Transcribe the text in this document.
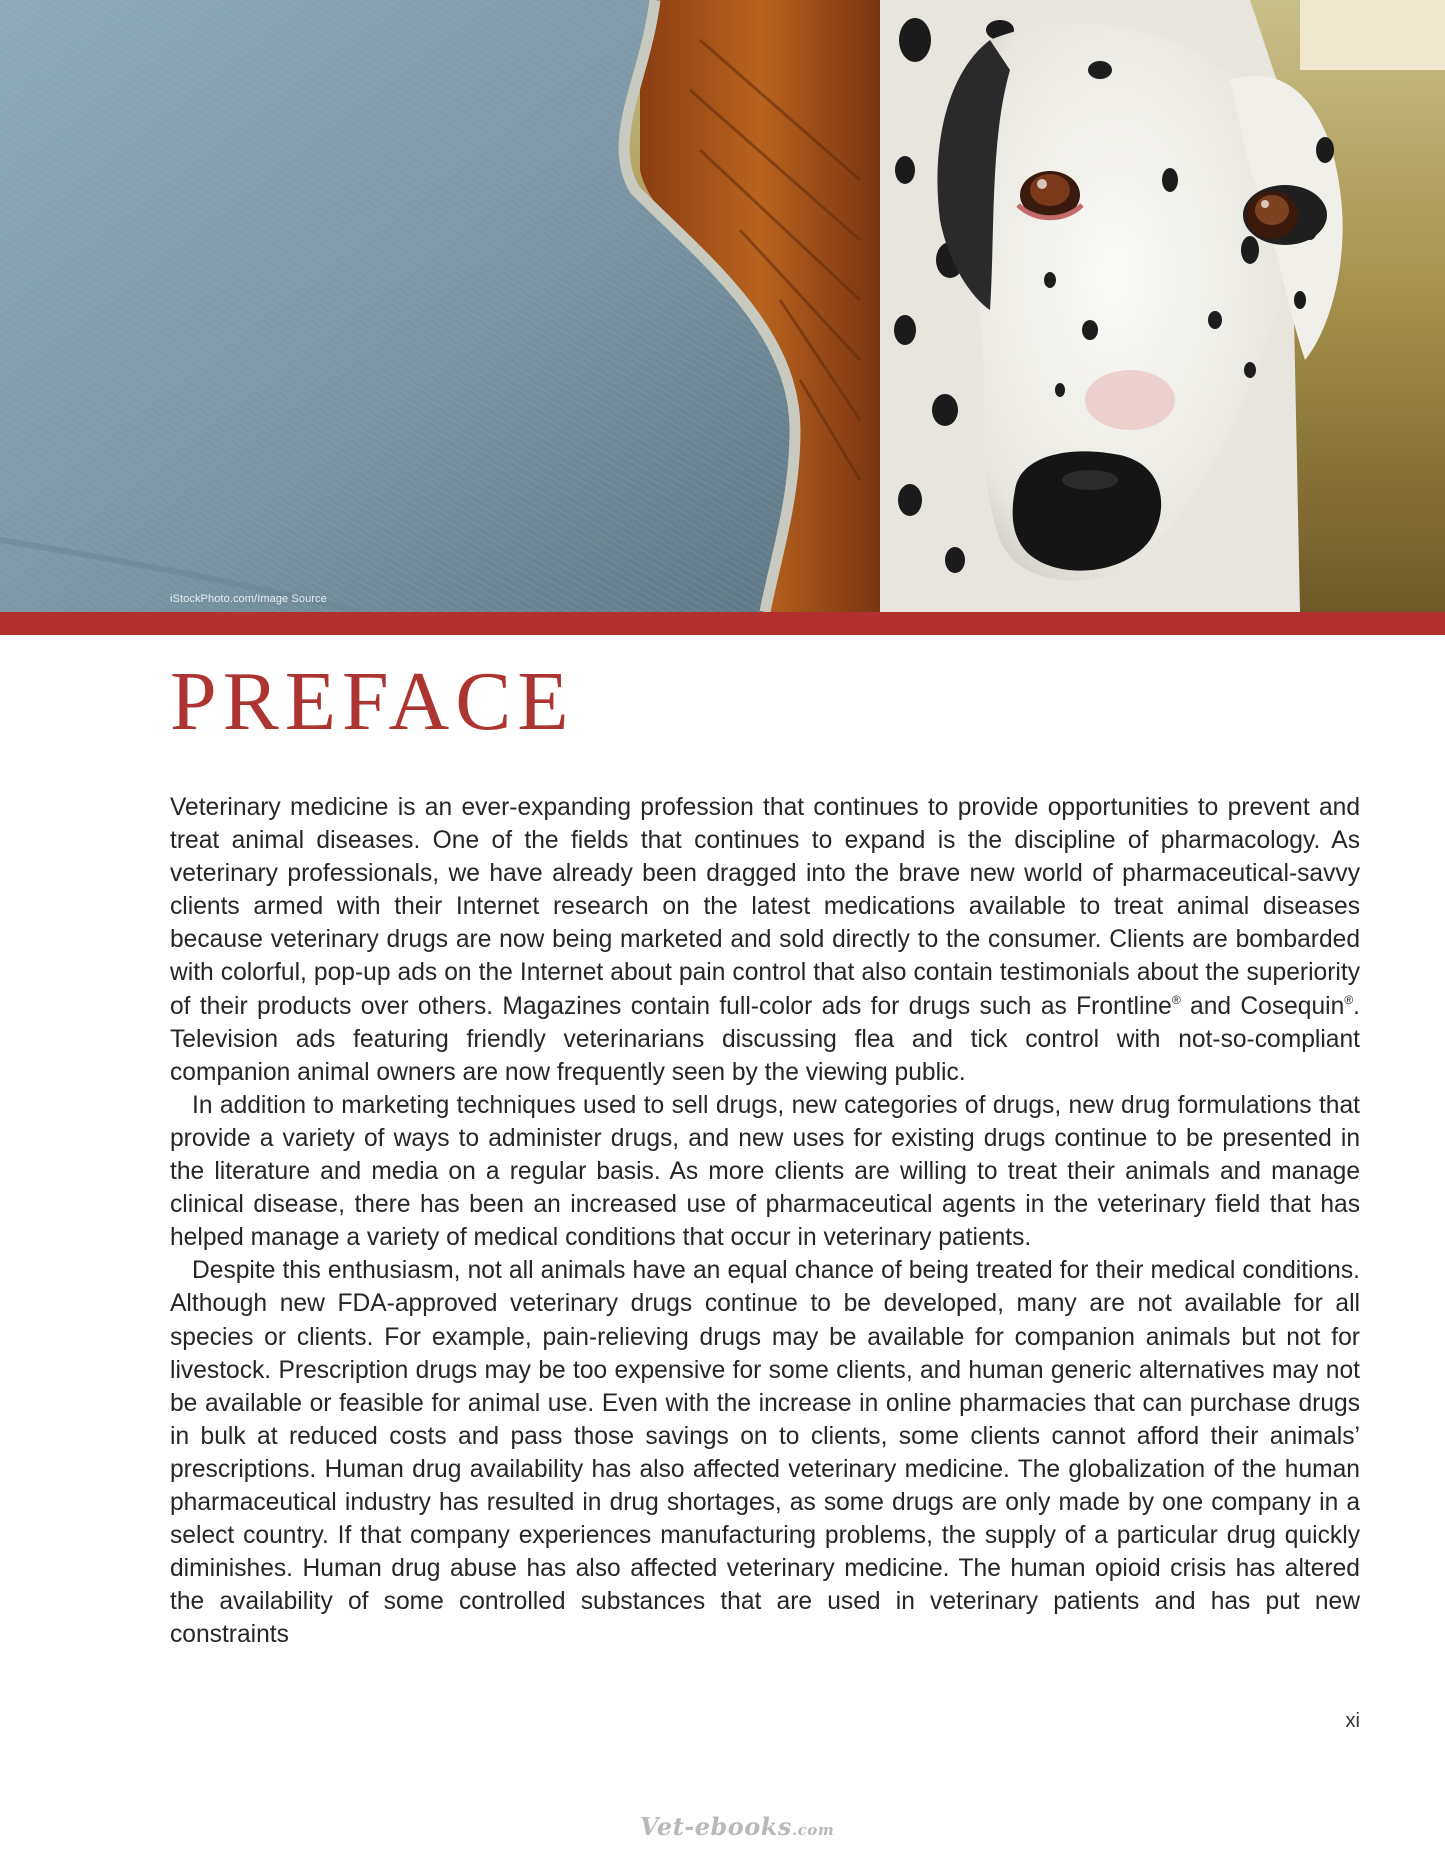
iStockPhoto.com/Image Source
PREFACE

Veterinary medicine is an ever-expanding profession that continues to provide opportunities to prevent and treat animal diseases. One of the fields that continues to expand is the discipline of pharmacology. As veterinary professionals, we have already been dragged into the brave new world of pharmaceutical-savvy clients armed with their Internet research on the latest medications available to treat animal diseases because veterinary drugs are now being marketed and sold directly to the consumer. Clients are bombarded with colorful, pop-up ads on the Internet about pain control that also contain testimonials about the superiority of their products over others. Magazines contain full-color ads for drugs such as Frontline® and Cosequin®. Television ads featuring friendly veterinarians discussing flea and tick control with not-so-compliant companion animal owners are now frequently seen by the viewing public.

In addition to marketing techniques used to sell drugs, new categories of drugs, new drug formulations that provide a variety of ways to administer drugs, and new uses for existing drugs continue to be presented in the literature and media on a regular basis. As more clients are willing to treat their animals and manage clinical disease, there has been an increased use of pharmaceutical agents in the veterinary field that has helped manage a variety of medical conditions that occur in veterinary patients.

Despite this enthusiasm, not all animals have an equal chance of being treated for their medical conditions. Although new FDA-approved veterinary drugs continue to be developed, many are not available for all species or clients. For example, pain-relieving drugs may be available for companion animals but not for livestock. Prescription drugs may be too expensive for some clients, and human generic alternatives may not be available or feasible for animal use. Even with the increase in online pharmacies that can purchase drugs in bulk at reduced costs and pass those savings on to clients, some clients cannot afford their animals’ prescriptions. Human drug availability has also affected veterinary medicine. The globalization of the human pharmaceutical industry has resulted in drug shortages, as some drugs are only made by one company in a select country. If that company experiences manufacturing problems, the supply of a particular drug quickly diminishes. Human drug abuse has also affected veterinary medicine. The human opioid crisis has altered the availability of some controlled substances that are used in veterinary patients and has put new constraints

xi
Vet-ebooks.com
